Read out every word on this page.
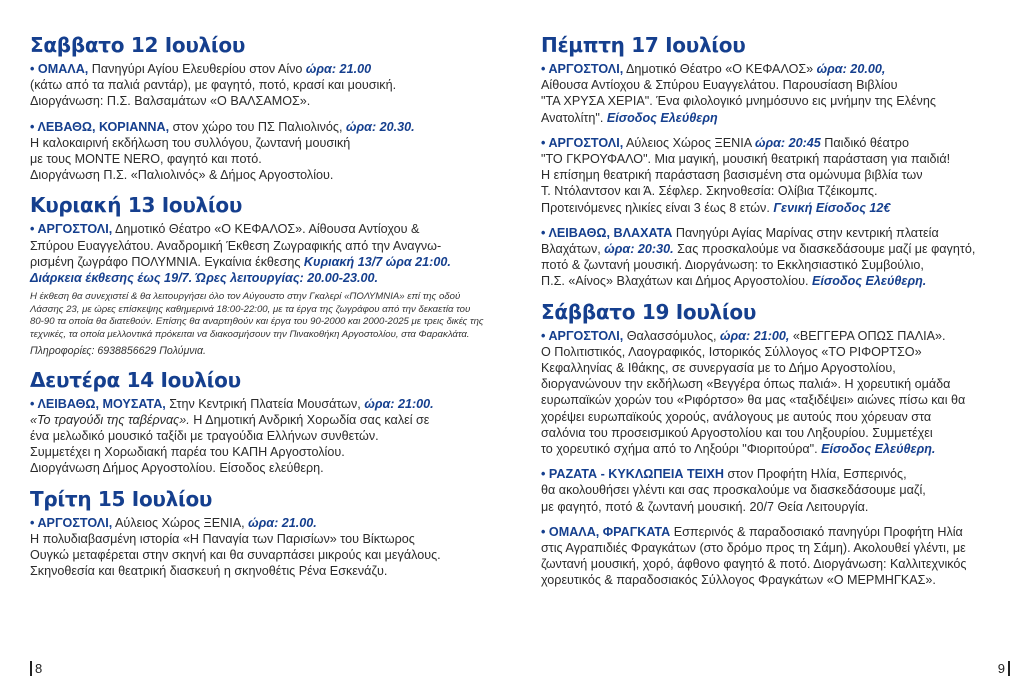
Σαββατο 12 Ιουλίου
• ΟΜΑΛΑ, Πανηγύρι Αγίου Ελευθερίου στον Αίνο ώρα: 21.00
(κάτω από τα παλιά ραντάρ), με φαγητό, ποτό, κρασί και μουσική.
Διοργάνωση: Π.Σ. Βαλσαμάτων «Ο ΒΑΛΣΑΜΟΣ».
• ΛΕΒΑΘΩ, ΚΟΡΙΑΝΝΑ, στον χώρο του ΠΣ Παλιολινός, ώρα: 20.30.
Η καλοκαιρινή εκδήλωση του συλλόγου, ζωντανή μουσική
με τους MONTE NERO, φαγητό και ποτό.
Διοργάνωση Π.Σ. «Παλιολινός» & Δήμος Αργοστολίου.
Κυριακή 13 Ιουλίου
• ΑΡΓΟΣΤΟΛΙ, Δημοτικό Θέατρο «Ο ΚΕΦΑΛΟΣ». Αίθουσα Αντίοχου &
Σπύρου Ευαγγελάτου. Αναδρομική Έκθεση Ζωγραφικής από την Αναγνω-
ρισμένη ζωγράφο ΠΟΛΥΜΝΙΑ. Εγκαίνια έκθεσης Κυριακή 13/7 ώρα 21:00.
Διάρκεια έκθεσης έως 19/7. Ώρες λειτουργίας: 20.00-23.00.
Η έκθεση θα συνεχιστεί & θα λειτουργήσει όλο τον Αύγουστο στην Γκαλερί «ΠΟΛΥΜΝΙΑ» επί της οδού Λάσσης 23, με ώρες επίσκεψης καθημερινά 18:00-22:00, με τα έργα της ζωγράφου από την δεκαετία του 80-90 τα οποία θα διατεθούν. Επίσης θα αναρτηθούν και έργα του 90-2000 και 2000-2025 με τρεις δικές της τεχνικές, τα οποία μελλοντικά πρόκειται να διακοσμήσουν την Πινακοθήκη Αργοστολίου, στα Φαρακλάτα.
Πληροφορίες: 6938856629 Πολύμνια.
Δευτέρα 14 Ιουλίου
• ΛΕΙΒΑΘΩ, ΜΟΥΣΑΤΑ, Στην Κεντρική Πλατεία Μουσάτων, ώρα: 21:00.
«Το τραγούδι της ταβέρνας». Η Δημοτική Ανδρική Χορωδία σας καλεί σε
ένα μελωδικό μουσικό ταξίδι με τραγούδια Ελλήνων συνθετών.
Συμμετέχει η Χορωδιακή παρέα του ΚΑΠΗ Αργοστολίου.
Διοργάνωση Δήμος Αργοστολίου. Είσοδος ελεύθερη.
Τρίτη 15 Ιουλίου
• ΑΡΓΟΣΤΟΛΙ, Αύλειος Χώρος ΞΕΝΙΑ, ώρα: 21.00.
Η πολυδιαβασμένη ιστορία «Η Παναγία των Παρισίων» του Βίκτωρος
Ουγκώ μεταφέρεται στην σκηνή και θα συναρπάσει μικρούς και μεγάλους.
Σκηνοθεσία και θεατρική διασκευή η σκηνοθέτις Ρένα Εσκενάζυ.
8
Πέμπτη 17 Ιουλίου
• ΑΡΓΟΣΤΟΛΙ, Δημοτικό Θέατρο «Ο ΚΕΦΑΛΟΣ» ώρα: 20.00,
Αίθουσα Αντίοχου & Σπύρου Ευαγγελάτου. Παρουσίαση Βιβλίου
"ΤΑ ΧΡΥΣΑ ΧΕΡΙΑ". Ένα φιλολογικό μνημόσυνο εις μνήμην της Ελένης
Ανατολίτη". Είσοδος Ελεύθερη
• ΑΡΓΟΣΤΟΛΙ, Αύλειος Χώρος ΞΕΝΙΑ ώρα: 20:45 Παιδικό θέατρο
"ΤΟ ΓΚΡΟΥΦΑΛΟ". Μια μαγική, μουσική θεατρική παράσταση για παιδιά!
Η επίσημη θεατρική παράσταση βασισμένη στα ομώνυμα βιβλία των
Τ. Ντόλαντσον και Ά. Σέφλερ. Σκηνοθεσία: Ολίβια Τζέικομπς.
Προτεινόμενες ηλικίες είναι 3 έως 8 ετών. Γενική Είσοδος 12€
• ΛΕΙΒΑΘΩ, ΒΛΑΧΑΤΑ Πανηγύρι Αγίας Μαρίνας στην κεντρική πλατεία
Βλαχάτων, ώρα: 20:30. Σας προσκαλούμε να διασκεδάσουμε μαζί με φαγητό,
ποτό & ζωντανή μουσική. Διοργάνωση: το Εκκλησιαστικό Συμβούλιο,
Π.Σ. «Αίνος» Βλαχάτων και Δήμος Αργοστολίου. Είσοδος Ελεύθερη.
Σάββατο 19 Ιουλίου
• ΑΡΓΟΣΤΟΛΙ, Θαλασσόμυλος, ώρα: 21:00, «ΒΕΓΓΕΡΑ ΟΠΩΣ ΠΑΛΙΑ».
Ο Πολιτιστικός, Λαογραφικός, Ιστορικός Σύλλογος «ΤΟ ΡΙΦΟΡΤΣΟ»
Κεφαλληνίας & Ιθάκης, σε συνεργασία με το Δήμο Αργοστολίου,
διοργανώνουν την εκδήλωση «Βεγγέρα όπως παλιά». Η χορευτική ομάδα
ευρωπαϊκών χορών του «Ριφόρτσο» θα μας «ταξιδέψει» αιώνες πίσω και θα
χορέψει ευρωπαϊκούς χορούς, ανάλογους με αυτούς που χόρευαν στα
σαλόνια του προσεισμικού Αργοστολίου και του Ληξουρίου. Συμμετέχει
το χορευτικό σχήμα από το Ληξούρι "Φιοριτούρα". Είσοδος Ελεύθερη.
• ΡΑΖΑΤΑ - ΚΥΚΛΩΠΕΙΑ ΤΕΙΧΗ στον Προφήτη Ηλία, Εσπερινός,
θα ακολουθήσει γλέντι και σας προσκαλούμε να διασκεδάσουμε μαζί,
με φαγητό, ποτό & ζωντανή μουσική. 20/7 Θεία Λειτουργία.
• ΟΜΑΛΑ, ΦΡΑΓΚΑΤΑ Εσπερινός & παραδοσιακό πανηγύρι Προφήτη Ηλία
στις Αγραπιδιές Φραγκάτων (στο δρόμο προς τη Σάμη). Ακολουθεί γλέντι, με
ζωντανή μουσική, χορό, άφθονο φαγητό & ποτό. Διοργάνωση: Καλλιτεχνικός
χορευτικός & παραδοσιακός Σύλλογος Φραγκάτων «Ο ΜΕΡΜΗΓΚΑΣ».
9
